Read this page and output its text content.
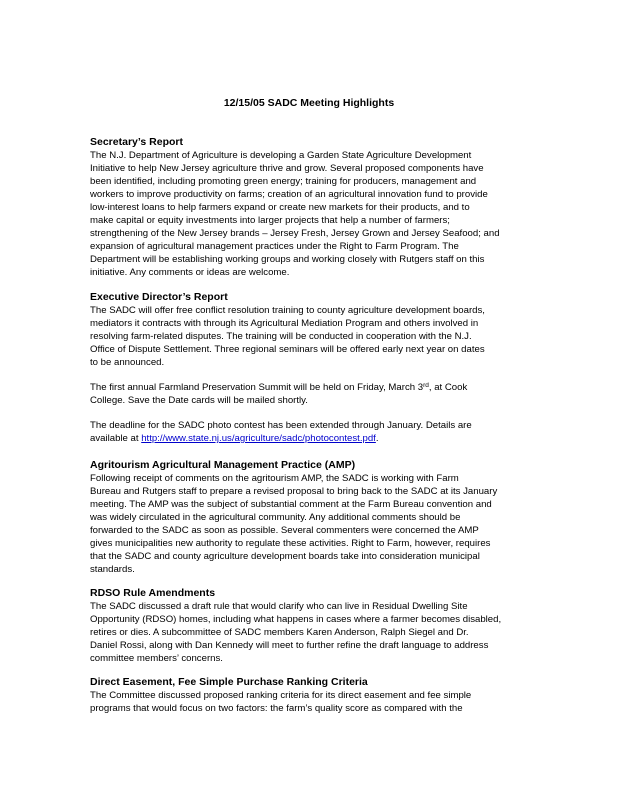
12/15/05 SADC Meeting Highlights
Secretary’s Report
The N.J. Department of Agriculture is developing a Garden State Agriculture Development
Initiative to help New Jersey agriculture thrive and grow. Several proposed components have
been identified, including promoting green energy; training for producers, management and
workers to improve productivity on farms; creation of an agricultural innovation fund to provide
low-interest loans to help farmers expand or create new markets for their products, and to
make capital or equity investments into larger projects that help a number of farmers;
strengthening of the New Jersey brands – Jersey Fresh, Jersey Grown and Jersey Seafood; and
expansion of agricultural management practices under the Right to Farm Program. The
Department will be establishing working groups and working closely with Rutgers staff on this
initiative. Any comments or ideas are welcome.
Executive Director’s Report
The SADC will offer free conflict resolution training to county agriculture development boards,
mediators it contracts with through its Agricultural Mediation Program and others involved in
resolving farm-related disputes. The training will be conducted in cooperation with the N.J.
Office of Dispute Settlement. Three regional seminars will be offered early next year on dates
to be announced.
The first annual Farmland Preservation Summit will be held on Friday, March 3rd, at Cook
College. Save the Date cards will be mailed shortly.
The deadline for the SADC photo contest has been extended through January. Details are
available at http://www.state.nj.us/agriculture/sadc/photocontest.pdf.
Agritourism Agricultural Management Practice (AMP)
Following receipt of comments on the agritourism AMP, the SADC is working with Farm
Bureau and Rutgers staff to prepare a revised proposal to bring back to the SADC at its January
meeting. The AMP was the subject of substantial comment at the Farm Bureau convention and
was widely circulated in the agricultural community. Any additional comments should be
forwarded to the SADC as soon as possible. Several commenters were concerned the AMP
gives municipalities new authority to regulate these activities. Right to Farm, however, requires
that the SADC and county agriculture development boards take into consideration municipal
standards.
RDSO Rule Amendments
The SADC discussed a draft rule that would clarify who can live in Residual Dwelling Site
Opportunity (RDSO) homes, including what happens in cases where a farmer becomes disabled,
retires or dies. A subcommittee of SADC members Karen Anderson, Ralph Siegel and Dr.
Daniel Rossi, along with Dan Kennedy will meet to further refine the draft language to address
committee members’ concerns.
Direct Easement, Fee Simple Purchase Ranking Criteria
The Committee discussed proposed ranking criteria for its direct easement and fee simple
programs that would focus on two factors: the farm’s quality score as compared with the
